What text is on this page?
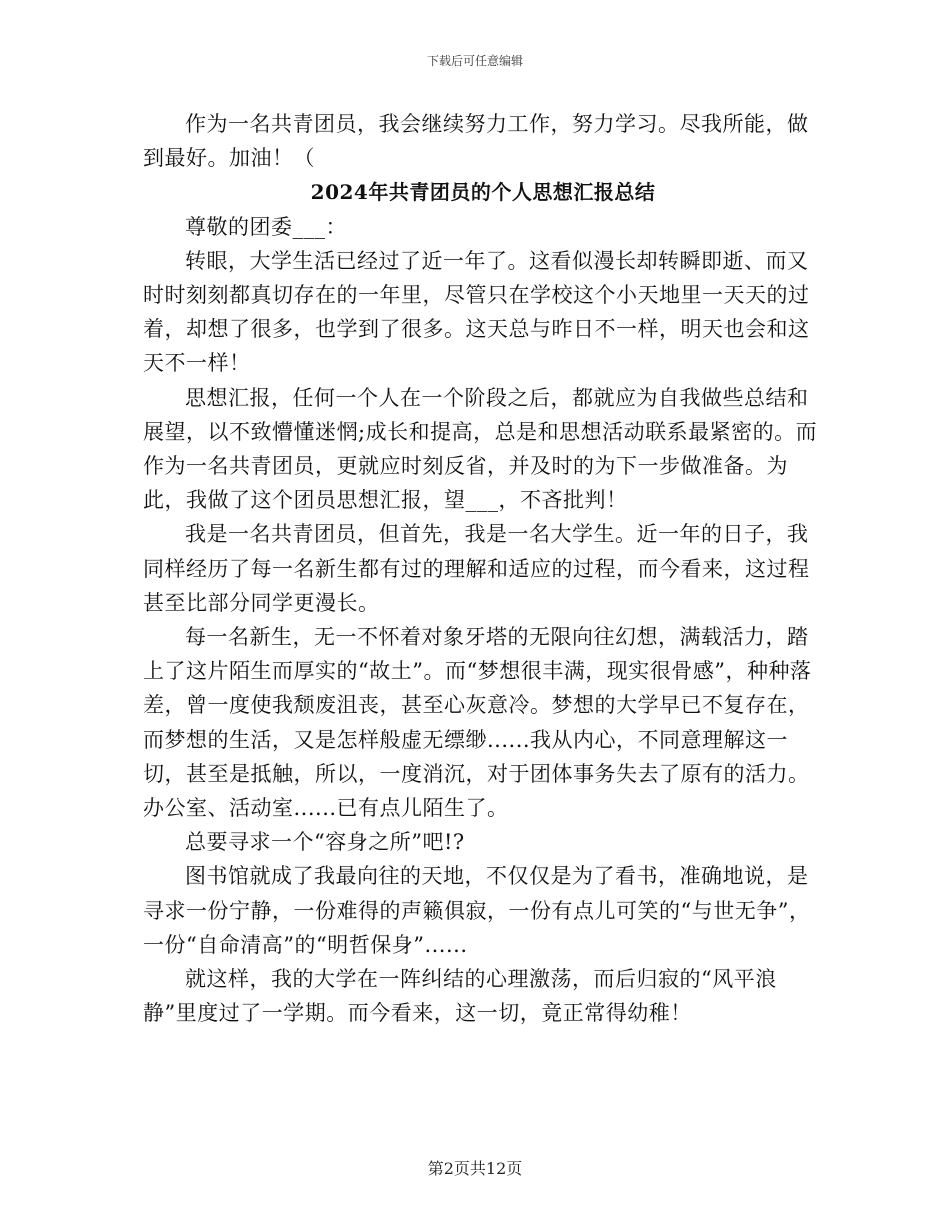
下载后可任意编辑

作为一名共青团员，我会继续努力工作，努力学习。尽我所能，做到最好。加油！（

2024年共青团员的个人思想汇报总结

尊敬的团委___：

转眼，大学生活已经过了近一年了。这看似漫长却转瞬即逝、而又时时刻刻都真切存在的一年里，尽管只在学校这个小天地里一天天的过着，却想了很多，也学到了很多。这天总与昨日不一样，明天也会和这天不一样！

思想汇报，任何一个人在一个阶段之后，都就应为自我做些总结和展望，以不致懵懂迷惘;成长和提高，总是和思想活动联系最紧密的。而作为一名共青团员，更就应时刻反省，并及时的为下一步做准备。为此，我做了这个团员思想汇报，望___，不吝批判！

我是一名共青团员，但首先，我是一名大学生。近一年的日子，我同样经历了每一名新生都有过的理解和适应的过程，而今看来，这过程甚至比部分同学更漫长。

每一名新生，无一不怀着对象牙塔的无限向往幻想，满载活力，踏上了这片陌生而厚实的“故土”。而“梦想很丰满，现实很骨感”，种种落差，曾一度使我颓废沮丧，甚至心灰意冷。梦想的大学早已不复存在，而梦想的生活，又是怎样般虚无缥缈......我从内心，不同意理解这一切，甚至是抵触，所以，一度消沉，对于团体事务失去了原有的活力。办公室、活动室......已有点儿陌生了。

总要寻求一个“容身之所”吧!?

图书馆就成了我最向往的天地，不仅仅是为了看书，准确地说，是寻求一份宁静，一份难得的声籁俱寂，一份有点儿可笑的“与世无争”，一份“自命清高”的“明哲保身”......

就这样，我的大学在一阵纠结的心理激荡，而后归寂的“风平浪静”里度过了一学期。而今看来，这一切，竟正常得幼稚！

第2页共12页
